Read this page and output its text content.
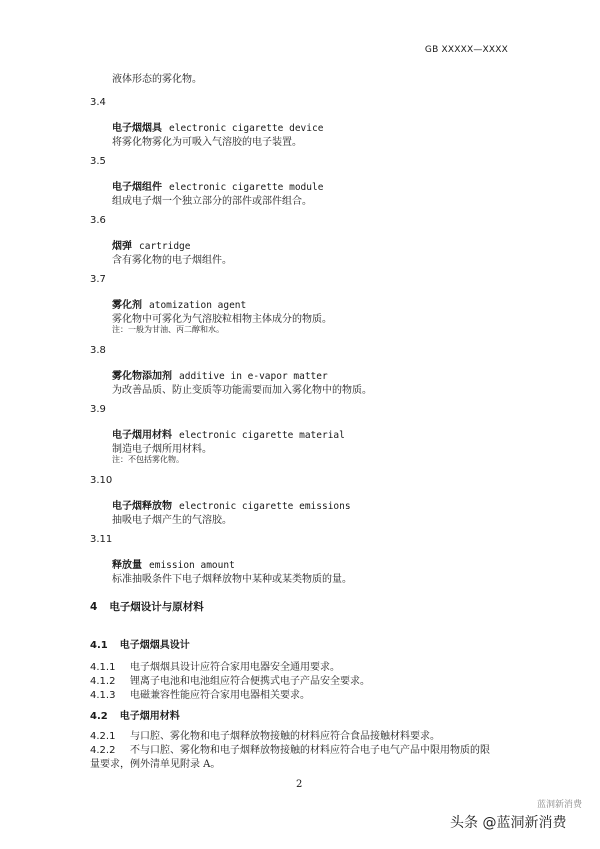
GB XXXXX—XXXX
液体形态的雾化物。
3.4
电子烟烟具 electronic cigarette device
将雾化物雾化为可吸入气溶胶的电子装置。
3.5
电子烟组件 electronic cigarette module
组成电子烟一个独立部分的部件或部件组合。
3.6
烟弹 cartridge
含有雾化物的电子烟组件。
3.7
雾化剂 atomization agent
雾化物中可雾化为气溶胶粒相物主体成分的物质。
注：一般为甘油、丙二醇和水。
3.8
雾化物添加剂 additive in e-vapor matter
为改善品质、防止变质等功能需要而加入雾化物中的物质。
3.9
电子烟用材料 electronic cigarette material
制造电子烟所用材料。
注：不包括雾化物。
3.10
电子烟释放物 electronic cigarette emissions
抽吸电子烟产生的气溶胶。
3.11
释放量 emission amount
标准抽吸条件下电子烟释放物中某种或某类物质的量。
4 电子烟设计与原材料
4.1 电子烟烟具设计
4.1.1 电子烟烟具设计应符合家用电器安全通用要求。
4.1.2 锂离子电池和电池组应符合便携式电子产品安全要求。
4.1.3 电磁兼容性能应符合家用电器相关要求。
4.2 电子烟用材料
4.2.1 与口腔、雾化物和电子烟释放物接触的材料应符合食品接触材料要求。
4.2.2 不与口腔、雾化物和电子烟释放物接触的材料应符合电子电气产品中限用物质的限
量要求，例外清单见附录 A。
2
蓝洞新消费
头条 @蓝洞新消费
